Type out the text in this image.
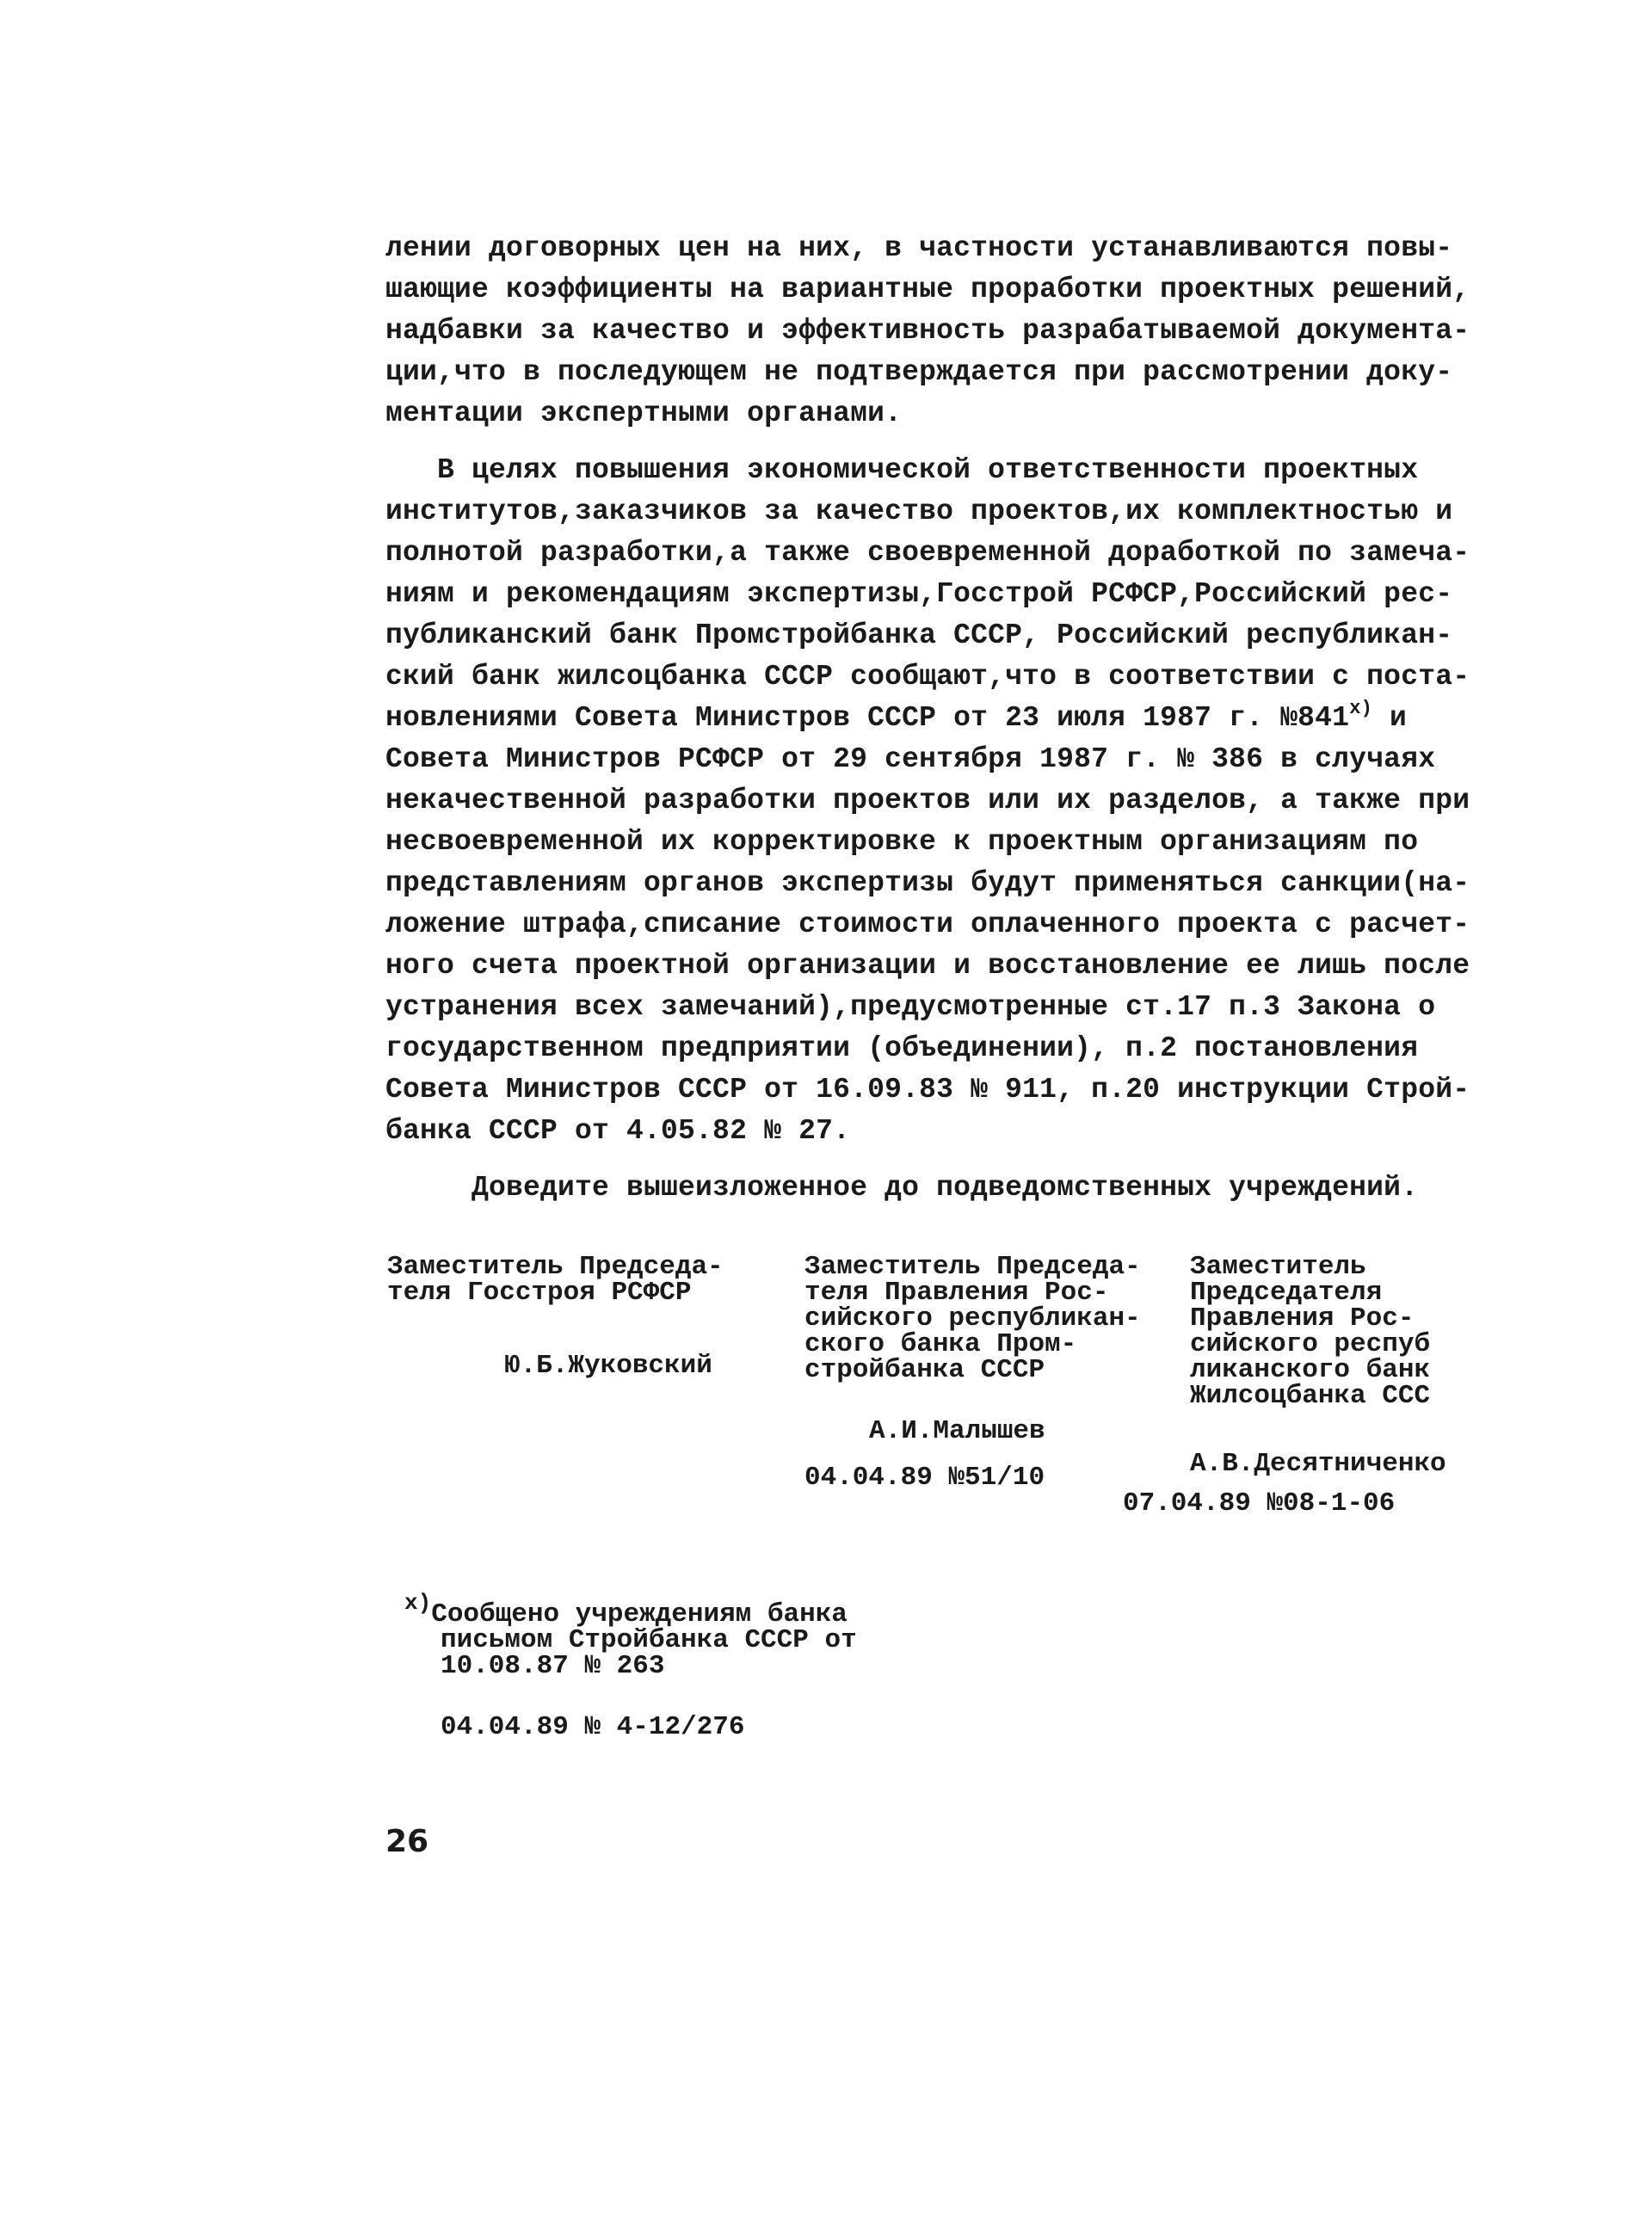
лении договорных цен на них, в частности устанавливаются повы-
шающие коэффициенты на вариантные проработки проектных решений,
надбавки за качество и эффективность разрабатываемой документа-
ции,что в последующем не подтверждается при рассмотрении доку-
ментации экспертными органами.
В целях повышения экономической ответственности проектных
институтов,заказчиков за качество проектов,их комплектностью и
полнотой разработки,а также своевременной доработкой по замеча-
ниям и рекомендациям экспертизы,Госстрой РСФСР,Российский рес-
публиканский банк Промстройбанка СССР, Российский республикан-
ский банк жилсоцбанка СССР сообщают,что в соответствии с поста-
новлениями Совета Министров СССР от 23 июля 1987 г. №841$^{x)}$ и
Совета Министров РСФСР от 29 сентября 1987 г. № 386 в случаях
некачественной разработки проектов или их разделов, а также при
несвоевременной их корректировке к проектным организациям по
представлениям органов экспертизы будут применяться санкции(на-
ложение штрафа,списание стоимости оплаченного проекта с расчет-
ного счета проектной организации и восстановление ее лишь после
устранения всех замечаний),предусмотренные ст.17 п.3 Закона о
государственном предприятии (объединении), п.2 постановления
Совета Министров СССР от 16.09.83 № 911, п.20 инструкции Строй-
банка СССР от 4.05.82 № 27.
Доведите вышеизложенное до подведомственных учреждений.
Заместитель Председа-
теля Госстроя РСФСР
Ю.Б.Жуковский
Заместитель Председа-
теля Правления Рос-
сийского республикан-
ского банка Пром-
стройбанка СССР
А.И.Малышев
04.04.89 №51/10
Заместитель
Председателя
Правления Рос-
сийского респуб
ликанского банк
Жилсоцбанка ССС
А.В.Десятниченко
07.04.89 №08-1-06
$^{x)}$Сообщено учреждениям банка
письмом Стройбанка СССР от
10.08.87 № 263
04.04.89 № 4-12/276
26
